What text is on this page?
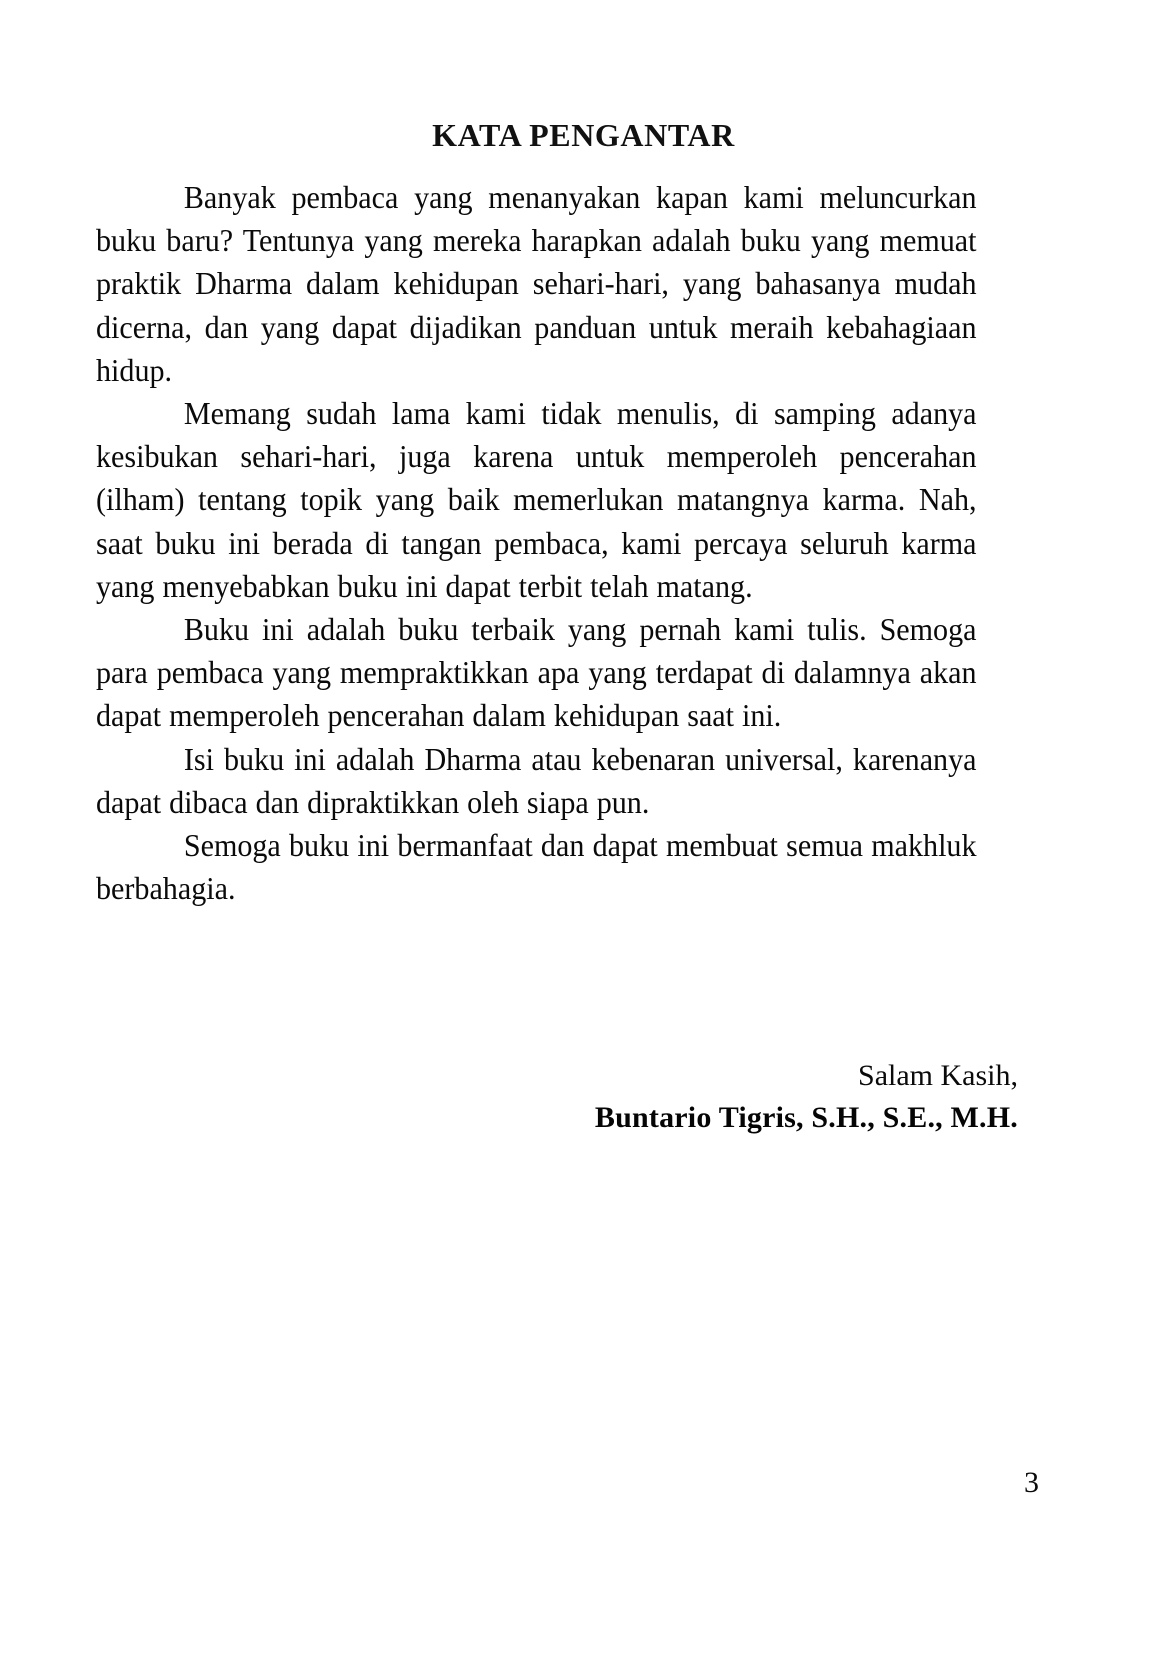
KATA PENGANTAR

Banyak pembaca yang menanyakan kapan kami meluncurkan buku baru? Tentunya yang mereka harapkan adalah buku yang memuat praktik Dharma dalam kehidupan sehari-hari, yang bahasanya mudah dicerna, dan yang dapat dijadikan panduan untuk meraih kebahagiaan hidup.

Memang sudah lama kami tidak menulis, di samping adanya kesibukan sehari-hari, juga karena untuk memperoleh pencerahan (ilham) tentang topik yang baik memerlukan matangnya karma. Nah, saat buku ini berada di tangan pembaca, kami percaya seluruh karma yang menyebabkan buku ini dapat terbit telah matang.

Buku ini adalah buku terbaik yang pernah kami tulis. Semoga para pembaca yang mempraktikkan apa yang terdapat di dalamnya akan dapat memperoleh pencerahan dalam kehidupan saat ini.

Isi buku ini adalah Dharma atau kebenaran universal, karenanya dapat dibaca dan dipraktikkan oleh siapa pun.

Semoga buku ini bermanfaat dan dapat membuat semua makhluk berbahagia.

Salam Kasih,
Buntario Tigris, S.H., S.E., M.H.
3
